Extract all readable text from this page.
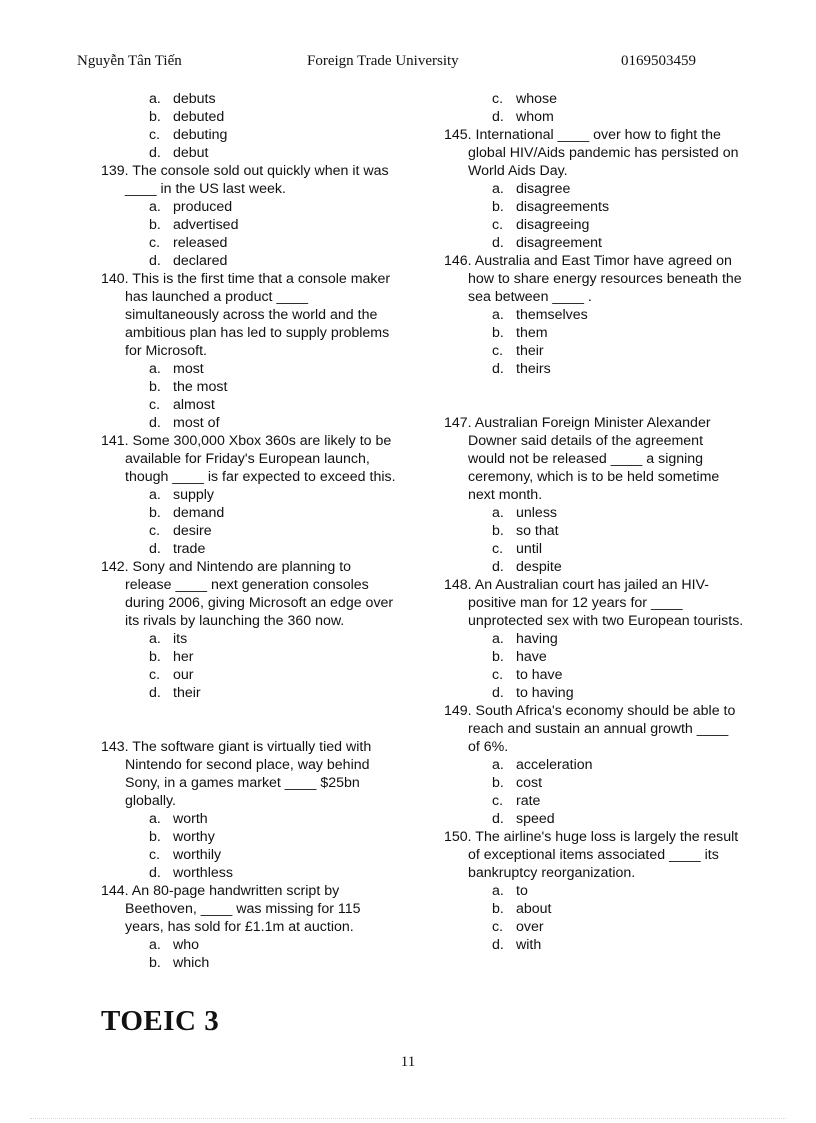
Nguyễn Tân Tiến	Foreign Trade University	0169503459
a. debuts
b. debuted
c. debuting
d. debut
139. The console sold out quickly when it was ____ in the US last week.
a. produced
b. advertised
c. released
d. declared
140. This is the first time that a console maker has launched a product ____ simultaneously across the world and the ambitious plan has led to supply problems for Microsoft.
a. most
b. the most
c. almost
d. most of
141. Some 300,000 Xbox 360s are likely to be available for Friday's European launch, though ____ is far expected to exceed this.
a. supply
b. demand
c. desire
d. trade
142. Sony and Nintendo are planning to release ____ next generation consoles during 2006, giving Microsoft an edge over its rivals by launching the 360 now.
a. its
b. her
c. our
d. their
143. The software giant is virtually tied with Nintendo for second place, way behind Sony, in a games market ____ $25bn globally.
a. worth
b. worthy
c. worthily
d. worthless
144. An 80-page handwritten script by Beethoven, ____ was missing for 115 years, has sold for £1.1m at auction.
a. who
b. which
c. whose
d. whom
145. International ____ over how to fight the global HIV/Aids pandemic has persisted on World Aids Day.
a. disagree
b. disagreements
c. disagreeing
d. disagreement
146. Australia and East Timor have agreed on how to share energy resources beneath the sea between ____ .
a. themselves
b. them
c. their
d. theirs
147. Australian Foreign Minister Alexander Downer said details of the agreement would not be released ____ a signing ceremony, which is to be held sometime next month.
a. unless
b. so that
c. until
d. despite
148. An Australian court has jailed an HIV-positive man for 12 years for ____ unprotected sex with two European tourists.
a. having
b. have
c. to have
d. to having
149. South Africa's economy should be able to reach and sustain an annual growth ____ of 6%.
a. acceleration
b. cost
c. rate
d. speed
150. The airline's huge loss is largely the result of exceptional items associated ____ its bankruptcy reorganization.
a. to
b. about
c. over
d. with
TOEIC 3
11
